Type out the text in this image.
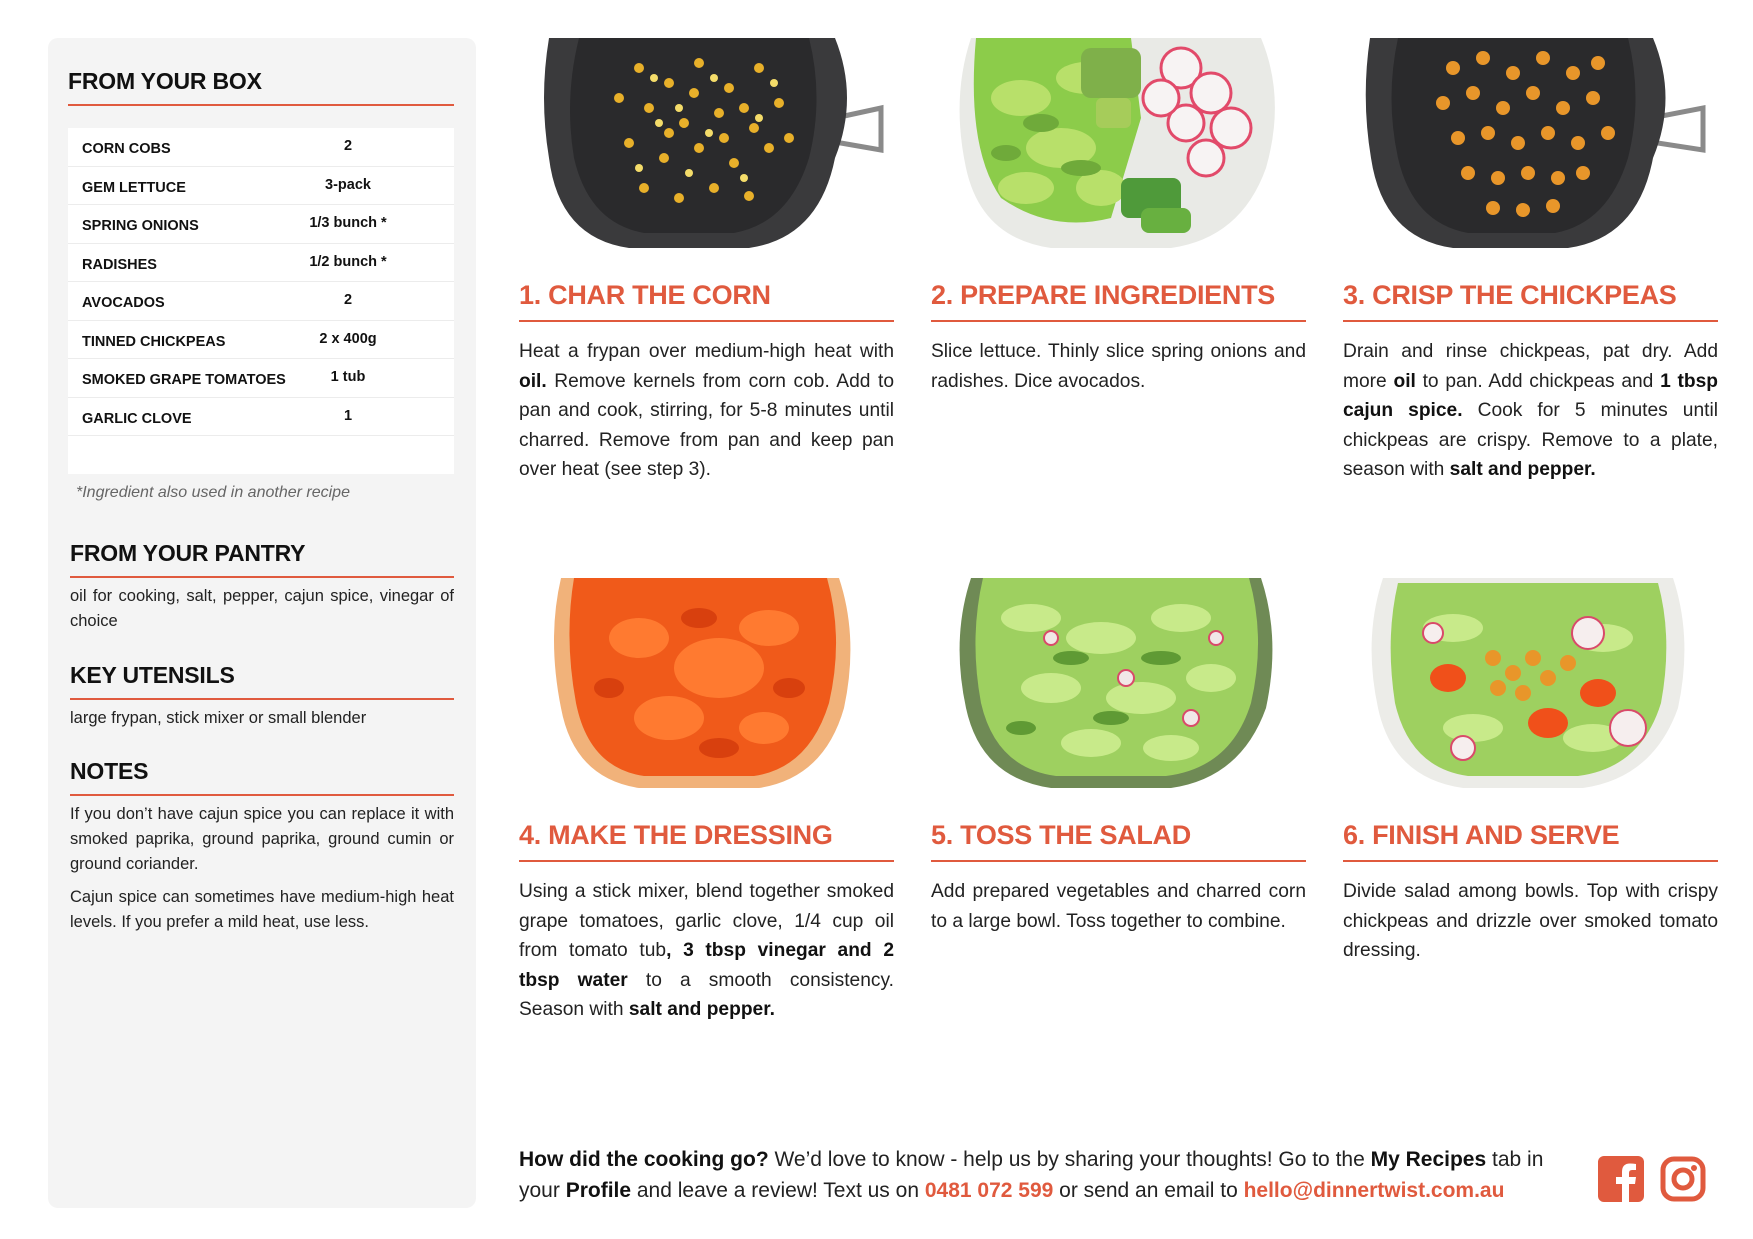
FROM YOUR BOX
CORN COBS	2
GEM LETTUCE	3-pack
SPRING ONIONS	1/3 bunch *
RADISHES	1/2 bunch *
AVOCADOS	2
TINNED CHICKPEAS	2 x 400g
SMOKED GRAPE TOMATOES	1 tub
GARLIC CLOVE	1
*Ingredient also used in another recipe
FROM YOUR PANTRY
oil for cooking, salt, pepper, cajun spice, vinegar of choice
KEY UTENSILS
large frypan, stick mixer or small blender
NOTES
If you don’t have cajun spice you can replace it with smoked paprika, ground paprika, ground cumin or ground coriander.
Cajun spice can sometimes have medium-high heat levels. If you prefer a mild heat, use less.
1. CHAR THE CORN
Heat a frypan over medium-high heat with oil. Remove kernels from corn cob. Add to pan and cook, stirring, for 5-8 minutes until charred. Remove from pan and keep pan over heat (see step 3).
2. PREPARE INGREDIENTS
Slice lettuce. Thinly slice spring onions and radishes. Dice avocados.
3. CRISP THE CHICKPEAS
Drain and rinse chickpeas, pat dry. Add more oil to pan. Add chickpeas and 1 tbsp cajun spice. Cook for 5 minutes until chickpeas are crispy. Remove to a plate, season with salt and pepper.
4. MAKE THE DRESSING
Using a stick mixer, blend together smoked grape tomatoes, garlic clove, 1/4 cup oil from tomato tub, 3 tbsp vinegar and 2 tbsp water to a smooth consistency. Season with salt and pepper.
5. TOSS THE SALAD
Add prepared vegetables and charred corn to a large bowl. Toss together to combine.
6. FINISH AND SERVE
Divide salad among bowls. Top with crispy chickpeas and drizzle over smoked tomato dressing.
How did the cooking go? We’d love to know - help us by sharing your thoughts! Go to the My Recipes tab in your Profile and leave a review! Text us on 0481 072 599 or send an email to hello@dinnertwist.com.au
